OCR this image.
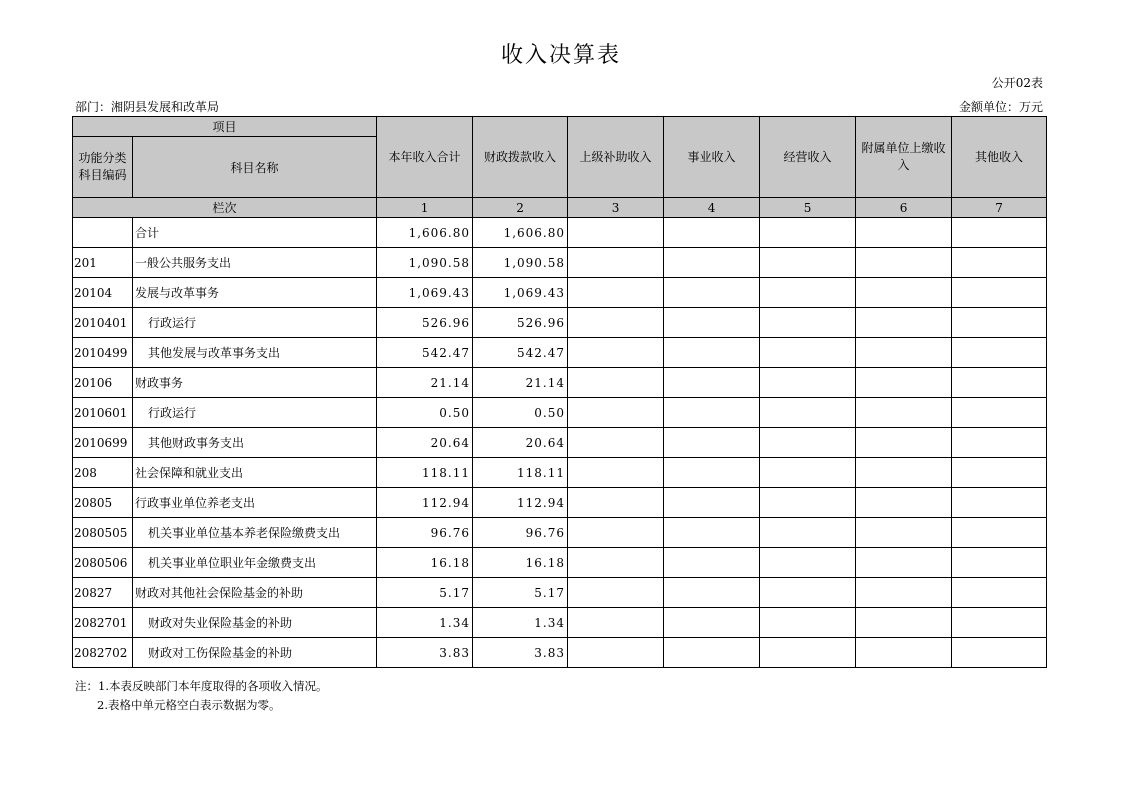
收入决算表
公开02表
部门：湘阴县发展和改革局	金额单位：万元
项目		本年收入合计	财政拨款收入	上级补助收入	事业收入	经营收入	附属单位上缴收入	其他收入
功能分类科目编码	科目名称							
栏次		1	2	3	4	5	6	7
	合计	1,606.80	1,606.80					
201	一般公共服务支出	1,090.58	1,090.58					
20104	发展与改革事务	1,069.43	1,069.43					
2010401	行政运行	526.96	526.96					
2010499	其他发展与改革事务支出	542.47	542.47					
20106	财政事务	21.14	21.14					
2010601	行政运行	0.50	0.50					
2010699	其他财政事务支出	20.64	20.64					
208	社会保障和就业支出	118.11	118.11					
20805	行政事业单位养老支出	112.94	112.94					
2080505	机关事业单位基本养老保险缴费支出	96.76	96.76					
2080506	机关事业单位职业年金缴费支出	16.18	16.18					
20827	财政对其他社会保险基金的补助	5.17	5.17					
2082701	财政对失业保险基金的补助	1.34	1.34					
2082702	财政对工伤保险基金的补助	3.83	3.83					
注：1.本表反映部门本年度取得的各项收入情况。
2.表格中单元格空白表示数据为零。
